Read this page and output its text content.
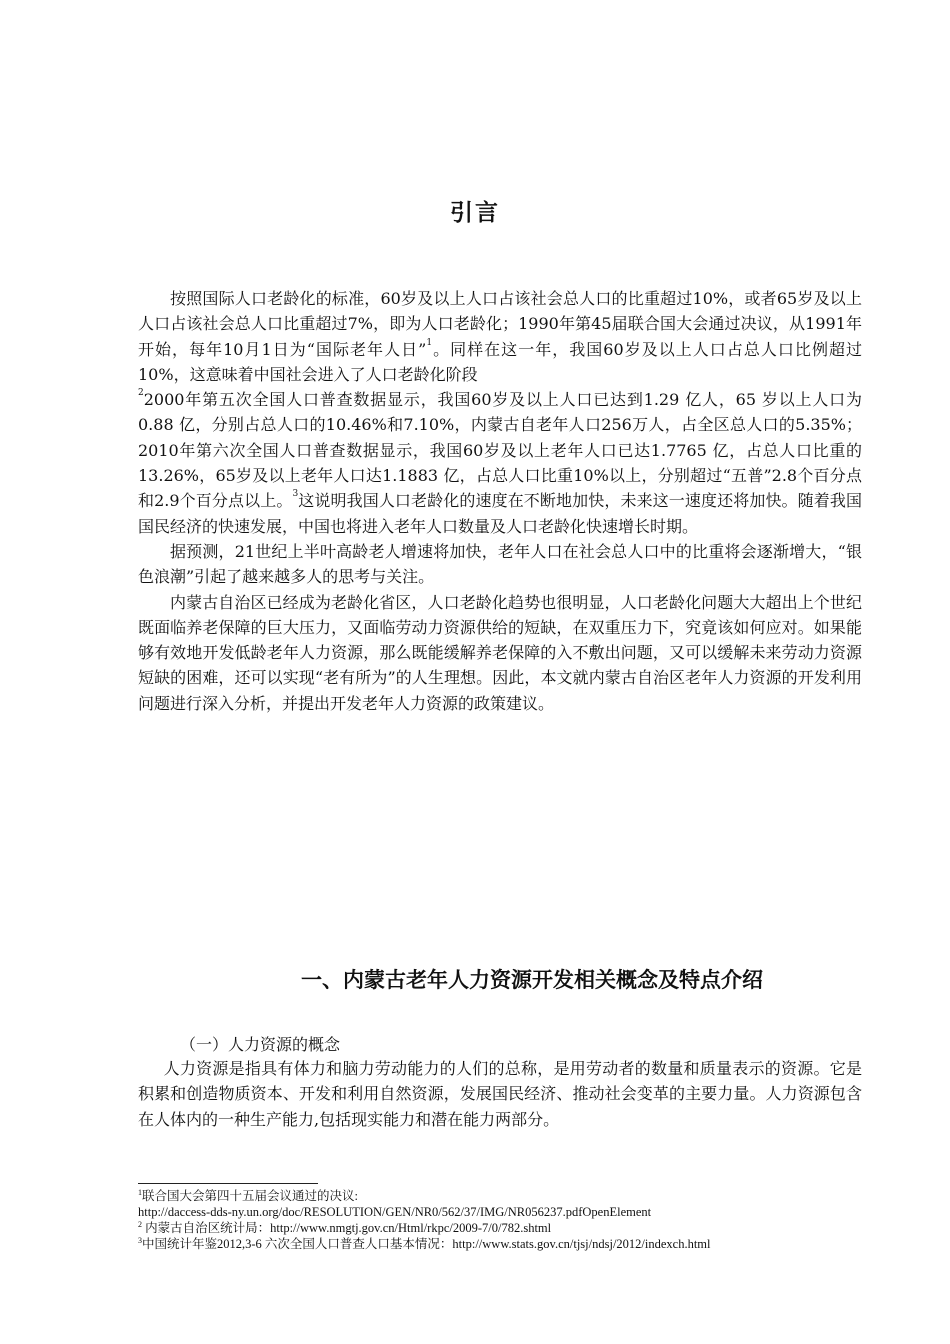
引言

按照国际人口老龄化的标准，60岁及以上人口占该社会总人口的比重超过10%，或者65岁及以上人口占该社会总人口比重超过7%，即为人口老龄化；1990年第45届联合国大会通过决议，从1991年开始，每年10月1日为“国际老年人日”$^1$。同样在这一年，我国60岁及以上人口占总人口比例超过10%，这意味着中国社会进入了人口老龄化阶段
$^2$2000年第五次全国人口普查数据显示，我国60岁及以上人口已达到1.29 亿人，65 岁以上人口为0.88 亿，分别占总人口的10.46%和7.10%，内蒙古自老年人口256万人，占全区总人口的5.35%；2010年第六次全国人口普查数据显示，我国60岁及以上老年人口已达1.7765 亿，占总人口比重的13.26%，65岁及以上老年人口达1.1883 亿，占总人口比重10%以上，分别超过“五普”2.8个百分点和2.9个百分点以上。$^3$这说明我国人口老龄化的速度在不断地加快，未来这一速度还将加快。随着我国国民经济的快速发展，中国也将进入老年人口数量及人口老龄化快速增长时期。

据预测，21世纪上半叶高龄老人增速将加快，老年人口在社会总人口中的比重将会逐渐增大，“银色浪潮”引起了越来越多人的思考与关注。

内蒙古自治区已经成为老龄化省区，人口老龄化趋势也很明显，人口老龄化问题大大超出上个世纪既面临养老保障的巨大压力，又面临劳动力资源供给的短缺，在双重压力下，究竟该如何应对。如果能够有效地开发低龄老年人力资源，那么既能缓解养老保障的入不敷出问题，又可以缓解未来劳动力资源短缺的困难，还可以实现“老有所为”的人生理想。因此，本文就内蒙古自治区老年人力资源的开发利用问题进行深入分析，并提出开发老年人力资源的政策建议。

一、内蒙古老年人力资源开发相关概念及特点介绍
（一）人力资源的概念

人力资源是指具有体力和脑力劳动能力的人们的总称，是用劳动者的数量和质量表示的资源。它是积累和创造物质资本、开发和利用自然资源，发展国民经济、推动社会变革的主要力量。人力资源包含在人体内的一种生产能力,包括现实能力和潜在能力两部分。

$^1$联合国大会第四十五届会议通过的决议:
http://daccess-dds-ny.un.org/doc/RESOLUTION/GEN/NR0/562/37/IMG/NR056237.pdfOpenElement
$^2$ 内蒙古自治区统计局：http://www.nmgtj.gov.cn/Html/rkpc/2009-7/0/782.shtml
$^3$中国统计年鉴2012,3-6 六次全国人口普查人口基本情况：http://www.stats.gov.cn/tjsj/ndsj/2012/indexch.html
